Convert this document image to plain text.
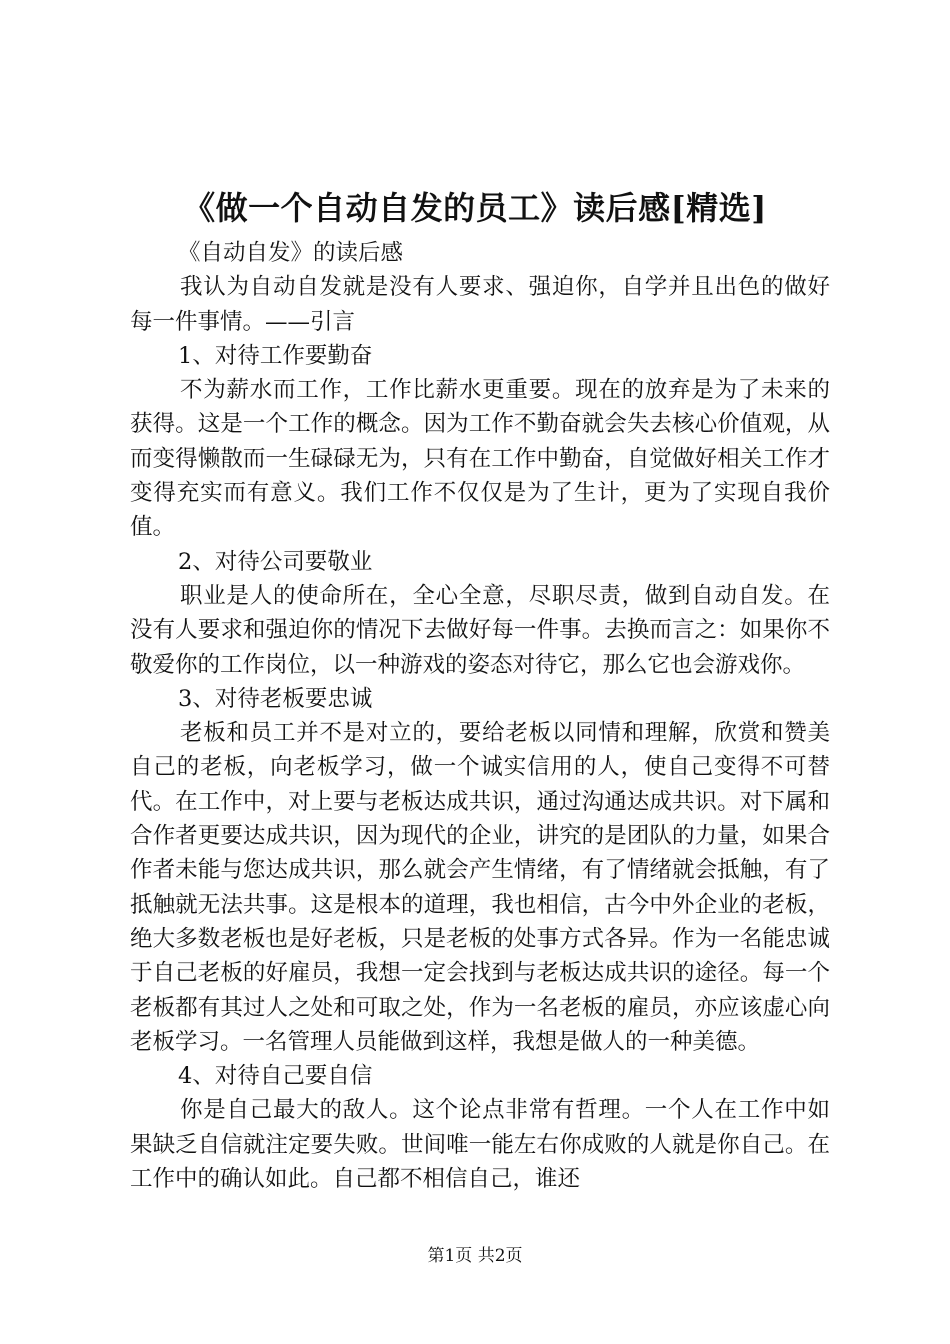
《做一个自动自发的员工》读后感[精选]

《自动自发》的读后感

我认为自动自发就是没有人要求、强迫你，自学并且出色的做好每一件事情。——引言

1、对待工作要勤奋

不为薪水而工作，工作比薪水更重要。现在的放弃是为了未来的获得。这是一个工作的概念。因为工作不勤奋就会失去核心价值观，从而变得懒散而一生碌碌无为，只有在工作中勤奋，自觉做好相关工作才变得充实而有意义。我们工作不仅仅是为了生计，更为了实现自我价值。

2、对待公司要敬业

职业是人的使命所在，全心全意，尽职尽责，做到自动自发。在没有人要求和强迫你的情况下去做好每一件事。去换而言之：如果你不敬爱你的工作岗位，以一种游戏的姿态对待它，那么它也会游戏你。

3、对待老板要忠诚

老板和员工并不是对立的，要给老板以同情和理解，欣赏和赞美自己的老板，向老板学习，做一个诚实信用的人，使自己变得不可替代。在工作中，对上要与老板达成共识，通过沟通达成共识。对下属和合作者更要达成共识，因为现代的企业，讲究的是团队的力量，如果合作者未能与您达成共识，那么就会产生情绪，有了情绪就会抵触，有了抵触就无法共事。这是根本的道理，我也相信，古今中外企业的老板，绝大多数老板也是好老板，只是老板的处事方式各异。作为一名能忠诚于自己老板的好雇员，我想一定会找到与老板达成共识的途径。每一个老板都有其过人之处和可取之处，作为一名老板的雇员，亦应该虚心向老板学习。一名管理人员能做到这样，我想是做人的一种美德。

4、对待自己要自信

你是自己最大的敌人。这个论点非常有哲理。一个人在工作中如果缺乏自信就注定要失败。世间唯一能左右你成败的人就是你自己。在工作中的确认如此。自己都不相信自己，谁还

第1页 共2页
